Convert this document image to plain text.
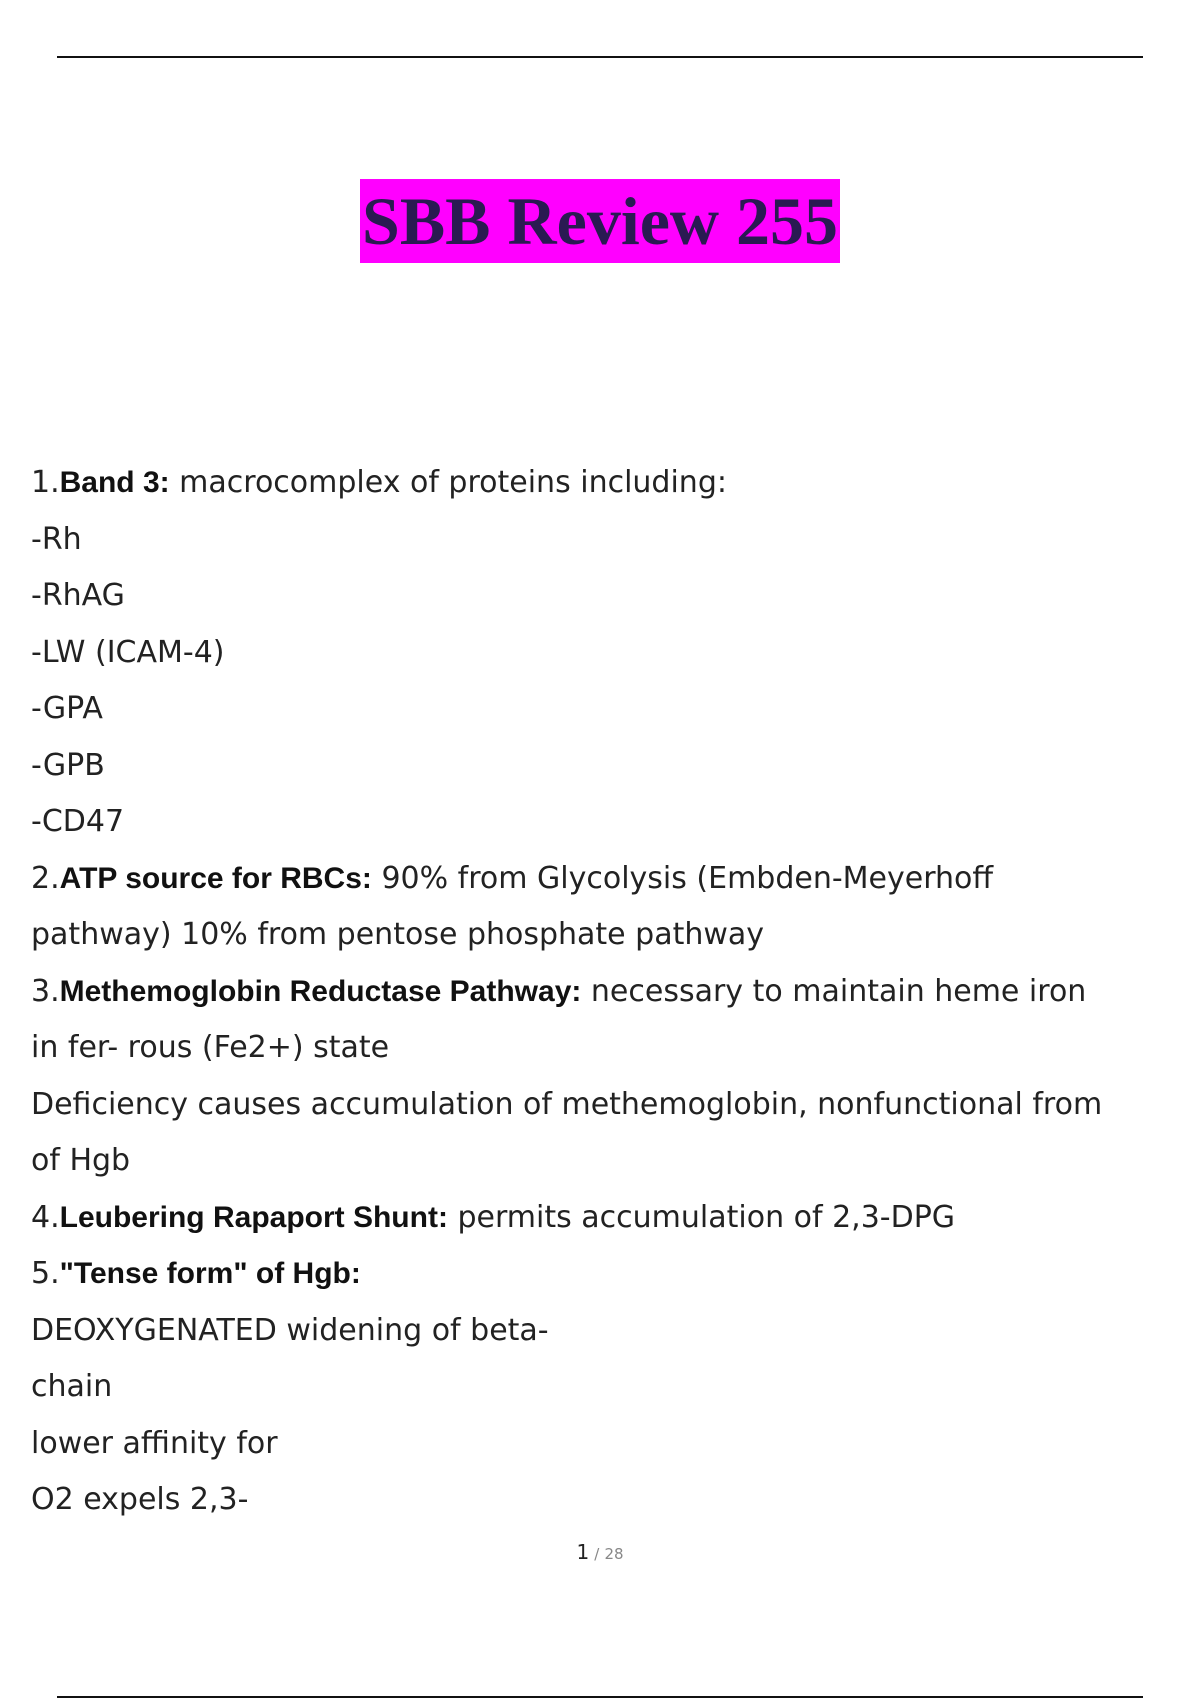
SBB Review 255
1.Band 3: macrocomplex of proteins including:
-Rh
-RhAG
-LW (ICAM-4)
-GPA
-GPB
-CD47
2.ATP source for RBCs: 90% from Glycolysis (Embden-Meyerhoff
pathway) 10% from pentose phosphate pathway
3.Methemoglobin Reductase Pathway: necessary to maintain heme iron
in fer- rous (Fe2+) state
Deficiency causes accumulation of methemoglobin, nonfunctional from
of Hgb
4.Leubering Rapaport Shunt: permits accumulation of 2,3-DPG
5."Tense form" of Hgb:
DEOXYGENATED widening of beta-
chain
lower affinity for
O2 expels 2,3-
1 / 28
